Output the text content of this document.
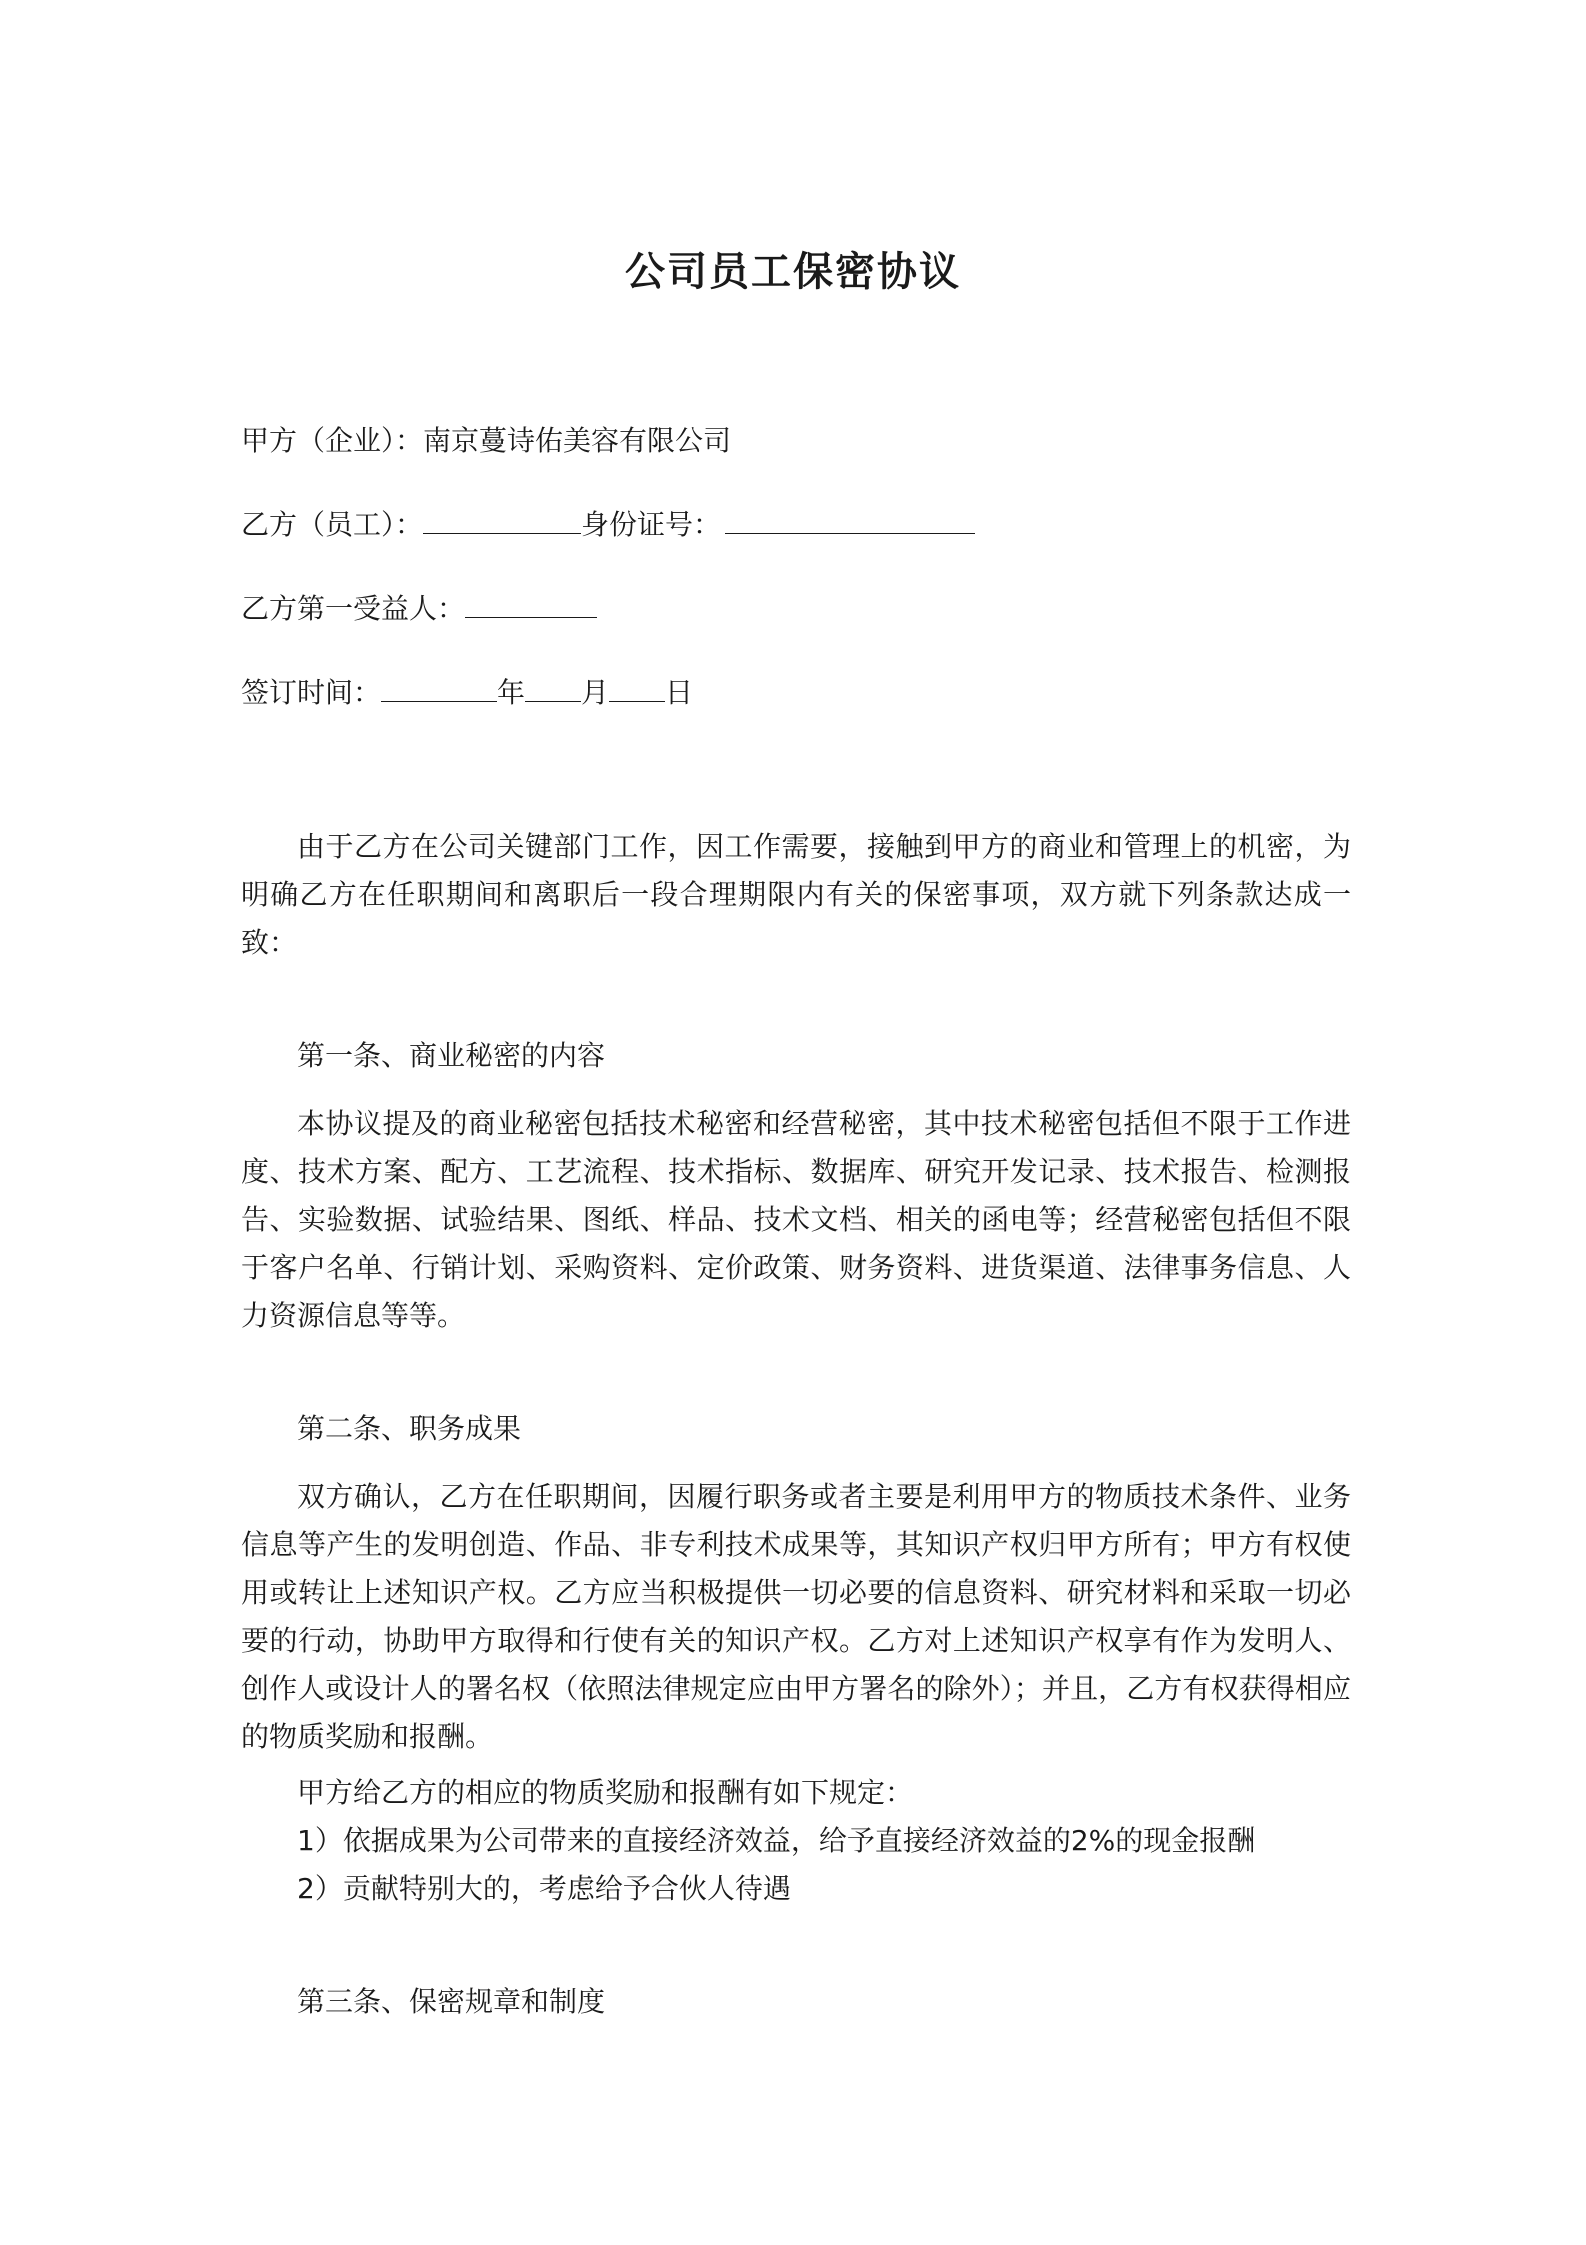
公司员工保密协议
甲方（企业）：南京蔓诗佑美容有限公司
乙方（员工）：	身份证号：
乙方第一受益人：
签订时间：	年 月 日

由于乙方在公司关键部门工作，因工作需要，接触到甲方的商业和管理上的机密，为明确乙方在任职期间和离职后一段合理期限内有关的保密事项，双方就下列条款达成一致：

第一条、商业秘密的内容

本协议提及的商业秘密包括技术秘密和经营秘密，其中技术秘密包括但不限于工作进度、技术方案、配方、工艺流程、技术指标、数据库、研究开发记录、技术报告、检测报告、实验数据、试验结果、图纸、样品、技术文档、相关的函电等；经营秘密包括但不限于客户名单、行销计划、采购资料、定价政策、财务资料、进货渠道、法律事务信息、人力资源信息等等。

第二条、职务成果

双方确认，乙方在任职期间，因履行职务或者主要是利用甲方的物质技术条件、业务信息等产生的发明创造、作品、非专利技术成果等，其知识产权归甲方所有；甲方有权使用或转让上述知识产权。乙方应当积极提供一切必要的信息资料、研究材料和采取一切必要的行动，协助甲方取得和行使有关的知识产权。乙方对上述知识产权享有作为发明人、创作人或设计人的署名权（依照法律规定应由甲方署名的除外）；并且，乙方有权获得相应的物质奖励和报酬。

甲方给乙方的相应的物质奖励和报酬有如下规定：

1）依据成果为公司带来的直接经济效益，给予直接经济效益的2%的现金报酬

2）贡献特别大的，考虑给予合伙人待遇

第三条、保密规章和制度
